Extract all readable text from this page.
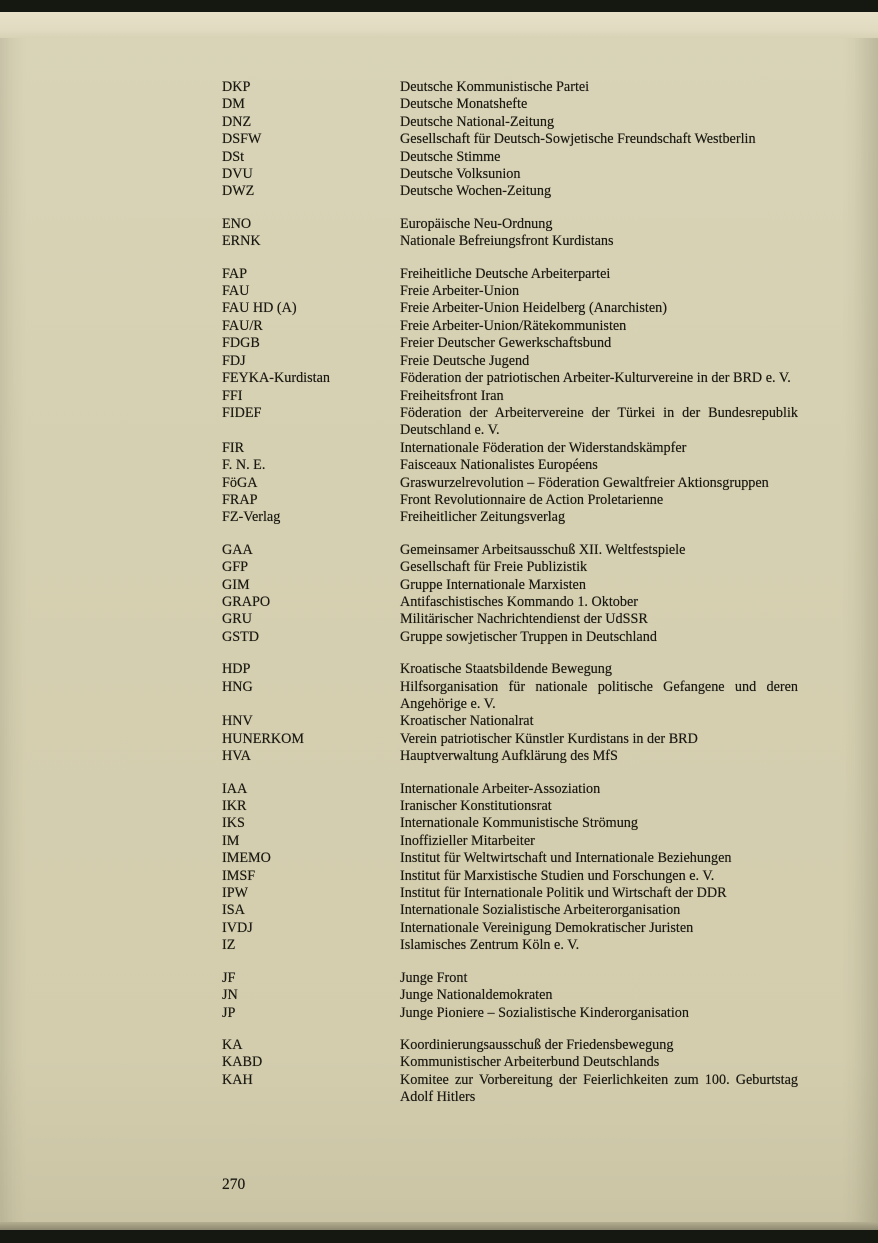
DKP	Deutsche Kommunistische Partei
DM	Deutsche Monatshefte
DNZ	Deutsche National-Zeitung
DSFW	Gesellschaft für Deutsch-Sowjetische Freundschaft Westberlin
DSt	Deutsche Stimme
DVU	Deutsche Volksunion
DWZ	Deutsche Wochen-Zeitung
ENO	Europäische Neu-Ordnung
ERNK	Nationale Befreiungsfront Kurdistans
FAP	Freiheitliche Deutsche Arbeiterpartei
FAU	Freie Arbeiter-Union
FAU HD (A)	Freie Arbeiter-Union Heidelberg (Anarchisten)
FAU/R	Freie Arbeiter-Union/Rätekommunisten
FDGB	Freier Deutscher Gewerkschaftsbund
FDJ	Freie Deutsche Jugend
FEYKA-Kurdistan	Föderation der patriotischen Arbeiter-Kulturvereine in der BRD e. V.
FFI	Freiheitsfront Iran
FIDEF	Föderation der Arbeitervereine der Türkei in der Bundesrepublik Deutschland e. V.
FIR	Internationale Föderation der Widerstandskämpfer
F. N. E.	Faisceaux Nationalistes Européens
FöGA	Graswurzelrevolution – Föderation Gewaltfreier Aktionsgruppen
FRAP	Front Revolutionnaire de Action Proletarienne
FZ-Verlag	Freiheitlicher Zeitungsverlag
GAA	Gemeinsamer Arbeitsausschuß XII. Weltfestspiele
GFP	Gesellschaft für Freie Publizistik
GIM	Gruppe Internationale Marxisten
GRAPO	Antifaschistisches Kommando 1. Oktober
GRU	Militärischer Nachrichtendienst der UdSSR
GSTD	Gruppe sowjetischer Truppen in Deutschland
HDP	Kroatische Staatsbildende Bewegung
HNG	Hilfsorganisation für nationale politische Gefangene und deren Angehörige e. V.
HNV	Kroatischer Nationalrat
HUNERKOM	Verein patriotischer Künstler Kurdistans in der BRD
HVA	Hauptverwaltung Aufklärung des MfS
IAA	Internationale Arbeiter-Assoziation
IKR	Iranischer Konstitutionsrat
IKS	Internationale Kommunistische Strömung
IM	Inoffizieller Mitarbeiter
IMEMO	Institut für Weltwirtschaft und Internationale Beziehungen
IMSF	Institut für Marxistische Studien und Forschungen e. V.
IPW	Institut für Internationale Politik und Wirtschaft der DDR
ISA	Internationale Sozialistische Arbeiterorganisation
IVDJ	Internationale Vereinigung Demokratischer Juristen
IZ	Islamisches Zentrum Köln e. V.
JF	Junge Front
JN	Junge Nationaldemokraten
JP	Junge Pioniere – Sozialistische Kinderorganisation
KA	Koordinierungsausschuß der Friedensbewegung
KABD	Kommunistischer Arbeiterbund Deutschlands
KAH	Komitee zur Vorbereitung der Feierlichkeiten zum 100. Geburtstag Adolf Hitlers
270
